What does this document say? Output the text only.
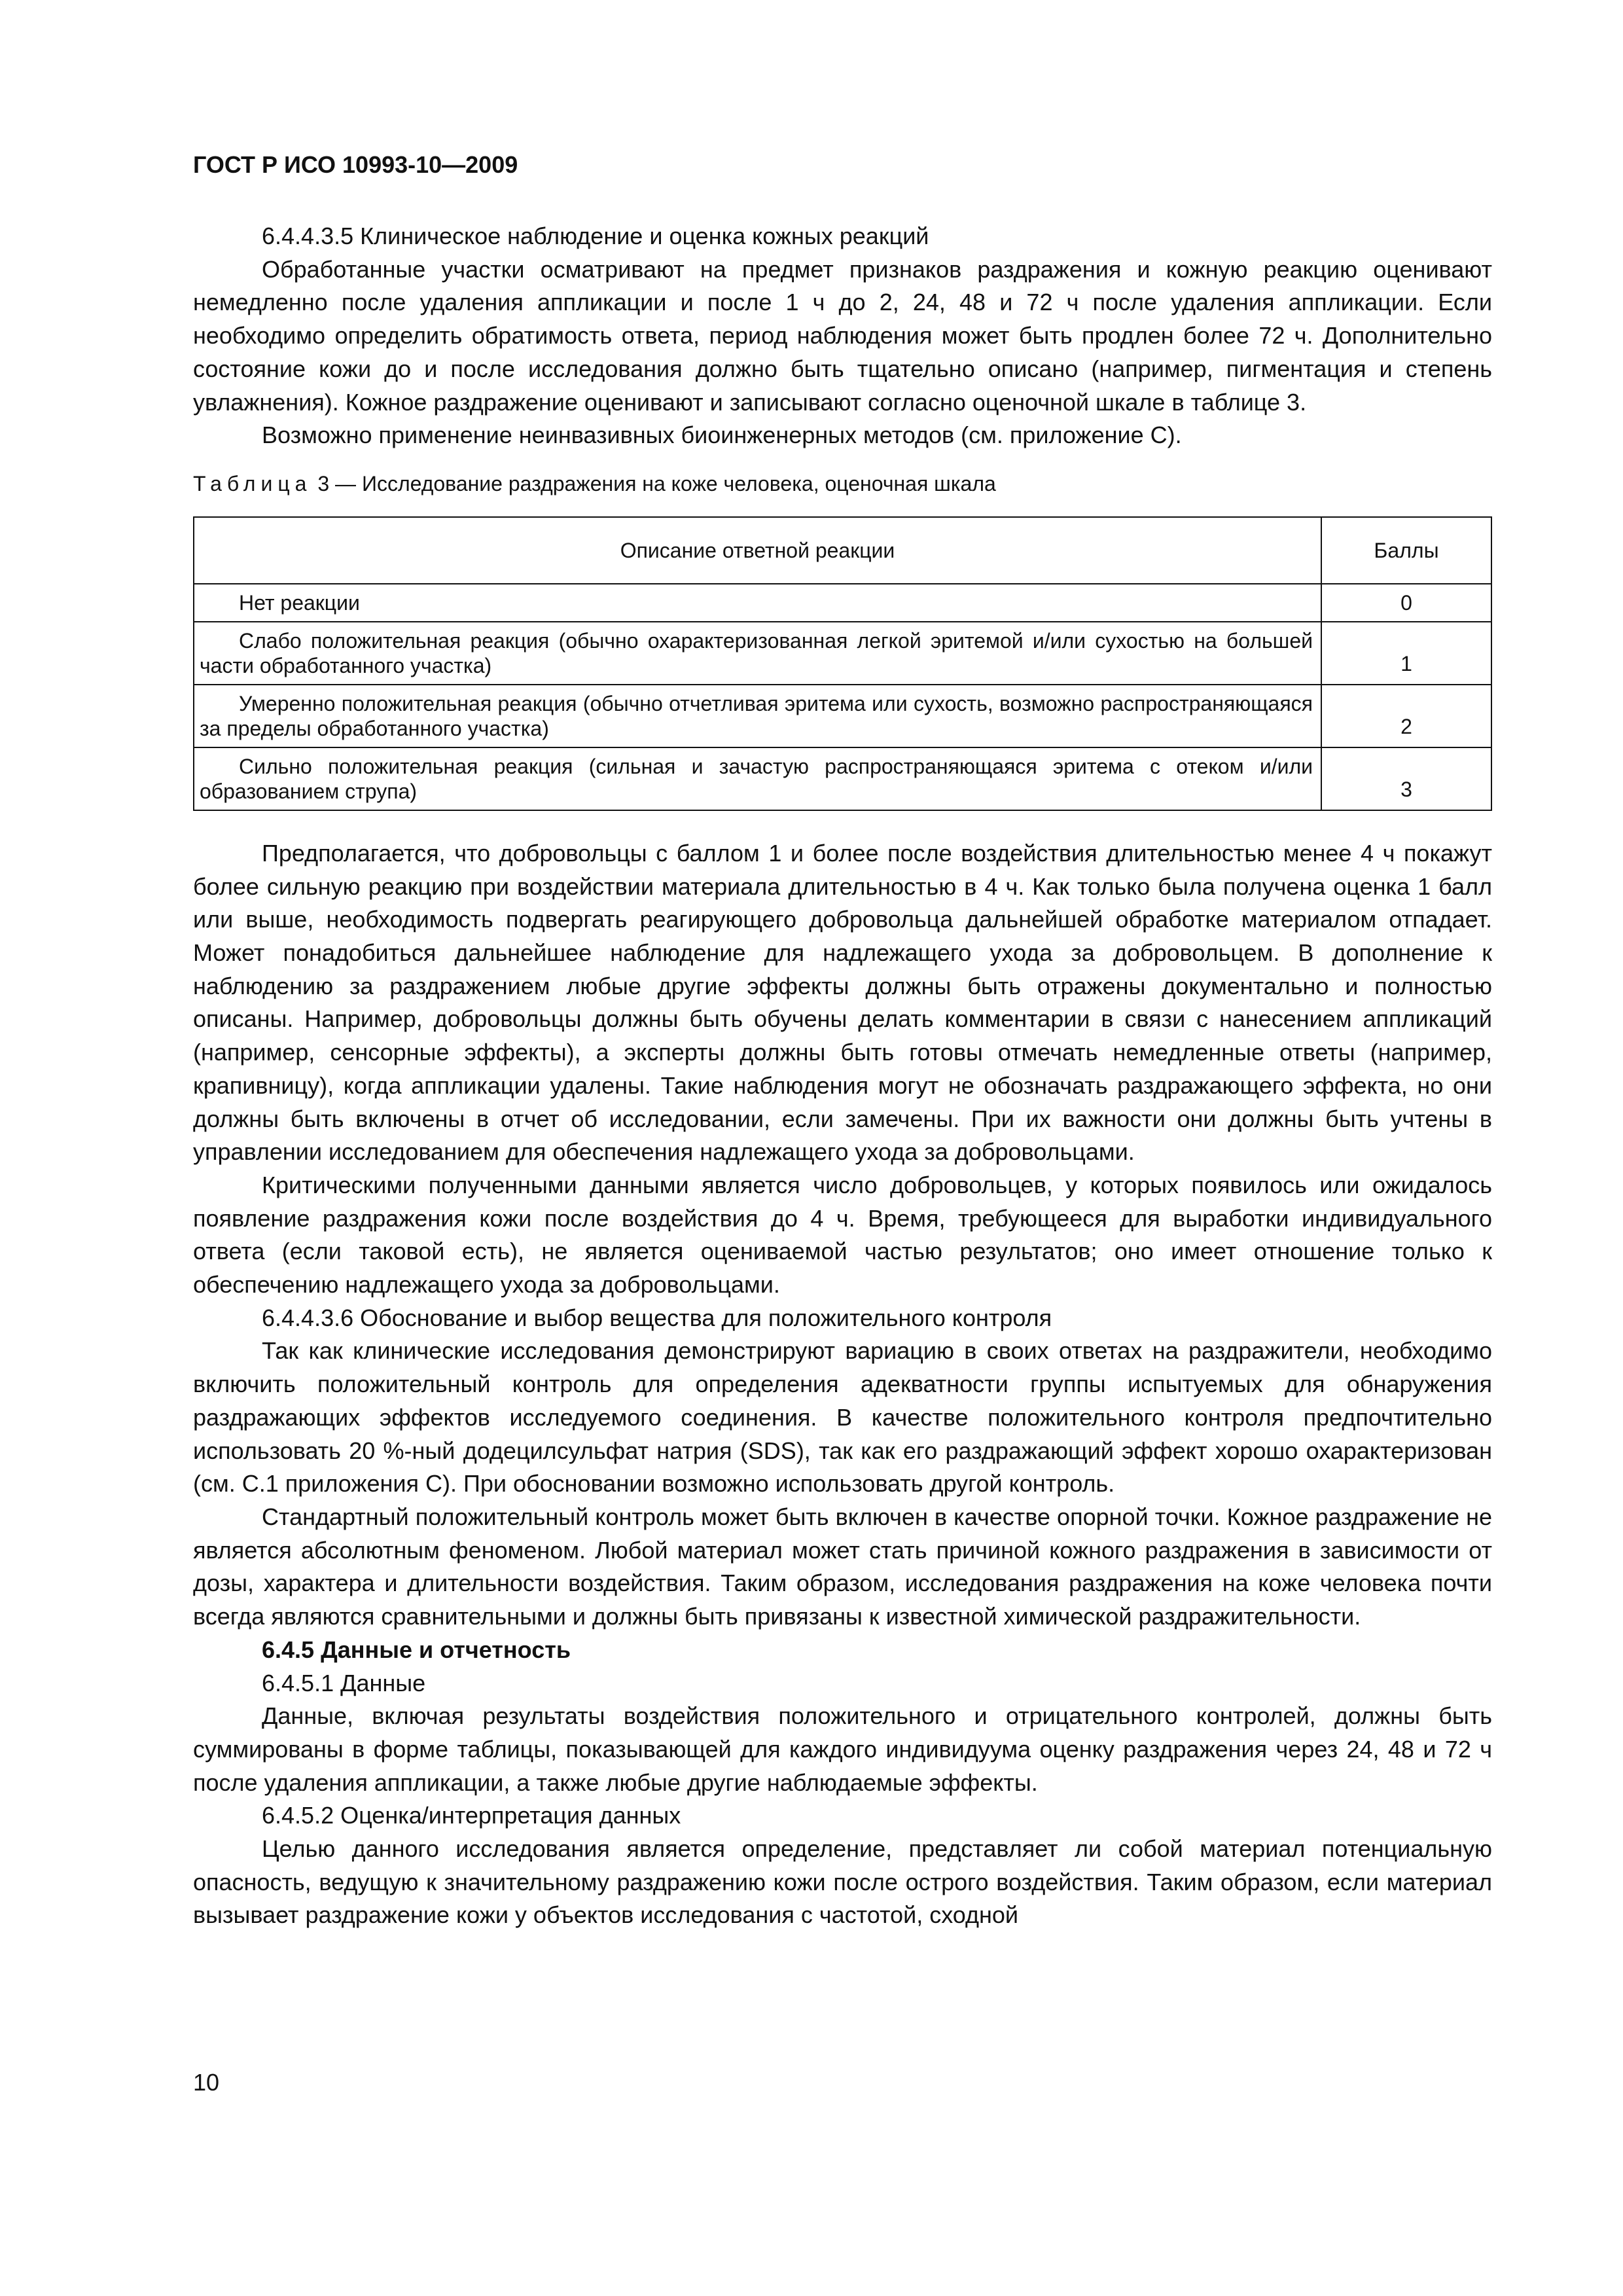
ГОСТ Р ИСО 10993-10—2009

6.4.4.3.5 Клиническое наблюдение и оценка кожных реакций

Обработанные участки осматривают на предмет признаков раздражения и кожную реакцию оценивают немедленно после удаления аппликации и после 1 ч до 2, 24, 48 и 72 ч после удаления аппликации. Если необходимо определить обратимость ответа, период наблюдения может быть продлен более 72 ч. Дополнительно состояние кожи до и после исследования должно быть тщательно описано (например, пигментация и степень увлажнения). Кожное раздражение оценивают и записывают согласно оценочной шкале в таблице 3.

Возможно применение неинвазивных биоинженерных методов (см. приложение С).

Таблица 3 — Исследование раздражения на коже человека, оценочная шкала
Описание ответной реакции	Баллы
Нет реакции	0
Слабо положительная реакция (обычно охарактеризованная легкой эритемой и/или сухостью на большей части обработанного участка)	1
Умеренно положительная реакция (обычно отчетливая эритема или сухость, возможно распространяющаяся за пределы обработанного участка)	2
Сильно положительная реакция (сильная и зачастую распространяющаяся эритема с отеком и/или образованием струпа)	3

Предполагается, что добровольцы с баллом 1 и более после воздействия длительностью менее 4 ч покажут более сильную реакцию при воздействии материала длительностью в 4 ч. Как только была получена оценка 1 балл или выше, необходимость подвергать реагирующего добровольца дальнейшей обработке материалом отпадает. Может понадобиться дальнейшее наблюдение для надлежащего ухода за добровольцем. В дополнение к наблюдению за раздражением любые другие эффекты должны быть отражены документально и полностью описаны. Например, добровольцы должны быть обучены делать комментарии в связи с нанесением аппликаций (например, сенсорные эффекты), а эксперты должны быть готовы отмечать немедленные ответы (например, крапивницу), когда аппликации удалены. Такие наблюдения могут не обозначать раздражающего эффекта, но они должны быть включены в отчет об исследовании, если замечены. При их важности они должны быть учтены в управлении исследованием для обеспечения надлежащего ухода за добровольцами.

Критическими полученными данными является число добровольцев, у которых появилось или ожидалось появление раздражения кожи после воздействия до 4 ч. Время, требующееся для выработки индивидуального ответа (если таковой есть), не является оцениваемой частью результатов; оно имеет отношение только к обеспечению надлежащего ухода за добровольцами.

6.4.4.3.6 Обоснование и выбор вещества для положительного контроля

Так как клинические исследования демонстрируют вариацию в своих ответах на раздражители, необходимо включить положительный контроль для определения адекватности группы испытуемых для обнаружения раздражающих эффектов исследуемого соединения. В качестве положительного контроля предпочтительно использовать 20 %-ный додецилсульфат натрия (SDS), так как его раздражающий эффект хорошо охарактеризован (см. С.1 приложения С). При обосновании возможно использовать другой контроль.

Стандартный положительный контроль может быть включен в качестве опорной точки. Кожное раздражение не является абсолютным феноменом. Любой материал может стать причиной кожного раздражения в зависимости от дозы, характера и длительности воздействия. Таким образом, исследования раздражения на коже человека почти всегда являются сравнительными и должны быть привязаны к известной химической раздражительности.

6.4.5 Данные и отчетность

6.4.5.1 Данные

Данные, включая результаты воздействия положительного и отрицательного контролей, должны быть суммированы в форме таблицы, показывающей для каждого индивидуума оценку раздражения через 24, 48 и 72 ч после удаления аппликации, а также любые другие наблюдаемые эффекты.

6.4.5.2 Оценка/интерпретация данных

Целью данного исследования является определение, представляет ли собой материал потенциальную опасность, ведущую к значительному раздражению кожи после острого воздействия. Таким образом, если материал вызывает раздражение кожи у объектов исследования с частотой, сходной

10
